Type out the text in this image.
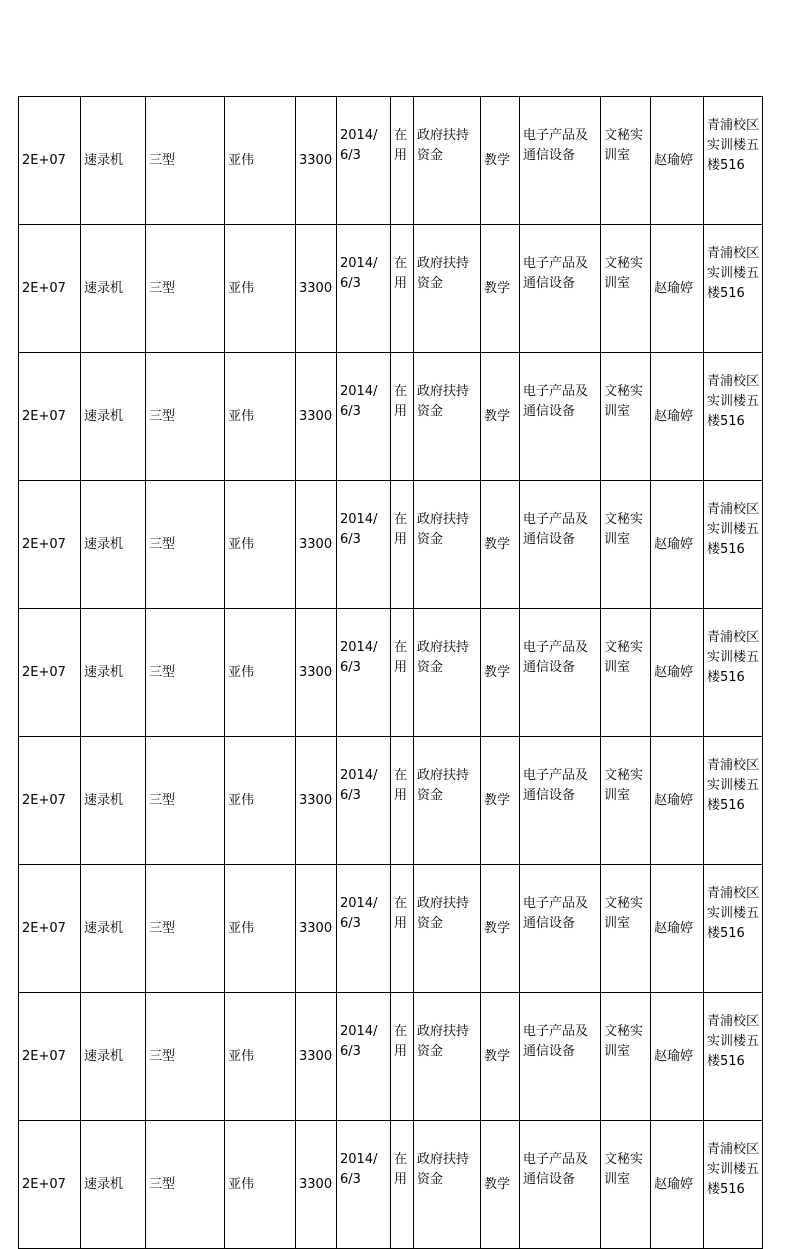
2E+07	速录机	三型	亚伟	3300	2014/6/3	在用	政府扶持资金	教学	电子产品及通信设备	文秘实训室	赵瑜婷	青浦校区实训楼五楼516
2E+07	速录机	三型	亚伟	3300	2014/6/3	在用	政府扶持资金	教学	电子产品及通信设备	文秘实训室	赵瑜婷	青浦校区实训楼五楼516
2E+07	速录机	三型	亚伟	3300	2014/6/3	在用	政府扶持资金	教学	电子产品及通信设备	文秘实训室	赵瑜婷	青浦校区实训楼五楼516
2E+07	速录机	三型	亚伟	3300	2014/6/3	在用	政府扶持资金	教学	电子产品及通信设备	文秘实训室	赵瑜婷	青浦校区实训楼五楼516
2E+07	速录机	三型	亚伟	3300	2014/6/3	在用	政府扶持资金	教学	电子产品及通信设备	文秘实训室	赵瑜婷	青浦校区实训楼五楼516
2E+07	速录机	三型	亚伟	3300	2014/6/3	在用	政府扶持资金	教学	电子产品及通信设备	文秘实训室	赵瑜婷	青浦校区实训楼五楼516
2E+07	速录机	三型	亚伟	3300	2014/6/3	在用	政府扶持资金	教学	电子产品及通信设备	文秘实训室	赵瑜婷	青浦校区实训楼五楼516
2E+07	速录机	三型	亚伟	3300	2014/6/3	在用	政府扶持资金	教学	电子产品及通信设备	文秘实训室	赵瑜婷	青浦校区实训楼五楼516
2E+07	速录机	三型	亚伟	3300	2014/6/3	在用	政府扶持资金	教学	电子产品及通信设备	文秘实训室	赵瑜婷	青浦校区实训楼五楼516
